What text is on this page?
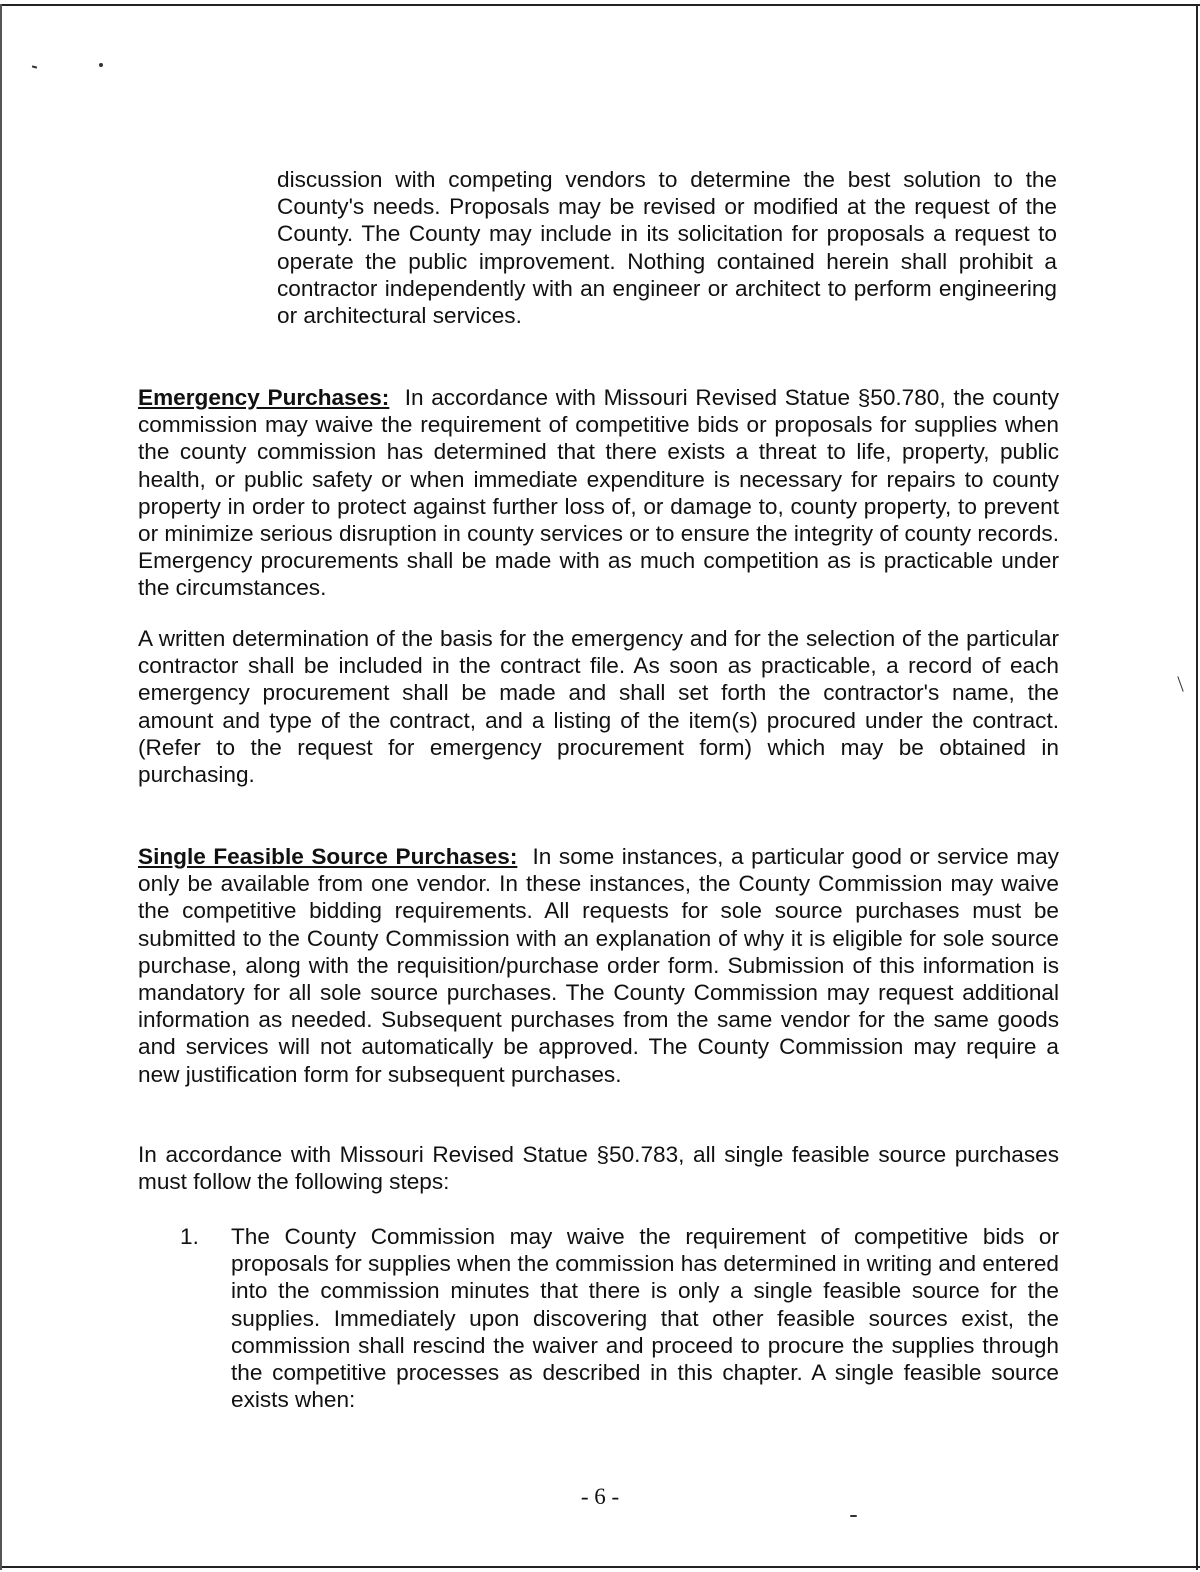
discussion with competing vendors to determine the best solution to the County's needs. Proposals may be revised or modified at the request of the County. The County may include in its solicitation for proposals a request to operate the public improvement. Nothing contained herein shall prohibit a contractor independently with an engineer or architect to perform engineering or architectural services.

Emergency Purchases: In accordance with Missouri Revised Statue §50.780, the county commission may waive the requirement of competitive bids or proposals for supplies when the county commission has determined that there exists a threat to life, property, public health, or public safety or when immediate expenditure is necessary for repairs to county property in order to protect against further loss of, or damage to, county property, to prevent or minimize serious disruption in county services or to ensure the integrity of county records. Emergency procurements shall be made with as much competition as is practicable under the circumstances.

A written determination of the basis for the emergency and for the selection of the particular contractor shall be included in the contract file. As soon as practicable, a record of each emergency procurement shall be made and shall set forth the contractor's name, the amount and type of the contract, and a listing of the item(s) procured under the contract. (Refer to the request for emergency procurement form) which may be obtained in purchasing.

Single Feasible Source Purchases: In some instances, a particular good or service may only be available from one vendor. In these instances, the County Commission may waive the competitive bidding requirements. All requests for sole source purchases must be submitted to the County Commission with an explanation of why it is eligible for sole source purchase, along with the requisition/purchase order form. Submission of this information is mandatory for all sole source purchases. The County Commission may request additional information as needed. Subsequent purchases from the same vendor for the same goods and services will not automatically be approved. The County Commission may require a new justification form for subsequent purchases.

In accordance with Missouri Revised Statue §50.783, all single feasible source purchases must follow the following steps:

1. The County Commission may waive the requirement of competitive bids or proposals for supplies when the commission has determined in writing and entered into the commission minutes that there is only a single feasible source for the supplies. Immediately upon discovering that other feasible sources exist, the commission shall rescind the waiver and proceed to procure the supplies through the competitive processes as described in this chapter. A single feasible source exists when:
- 6 -
